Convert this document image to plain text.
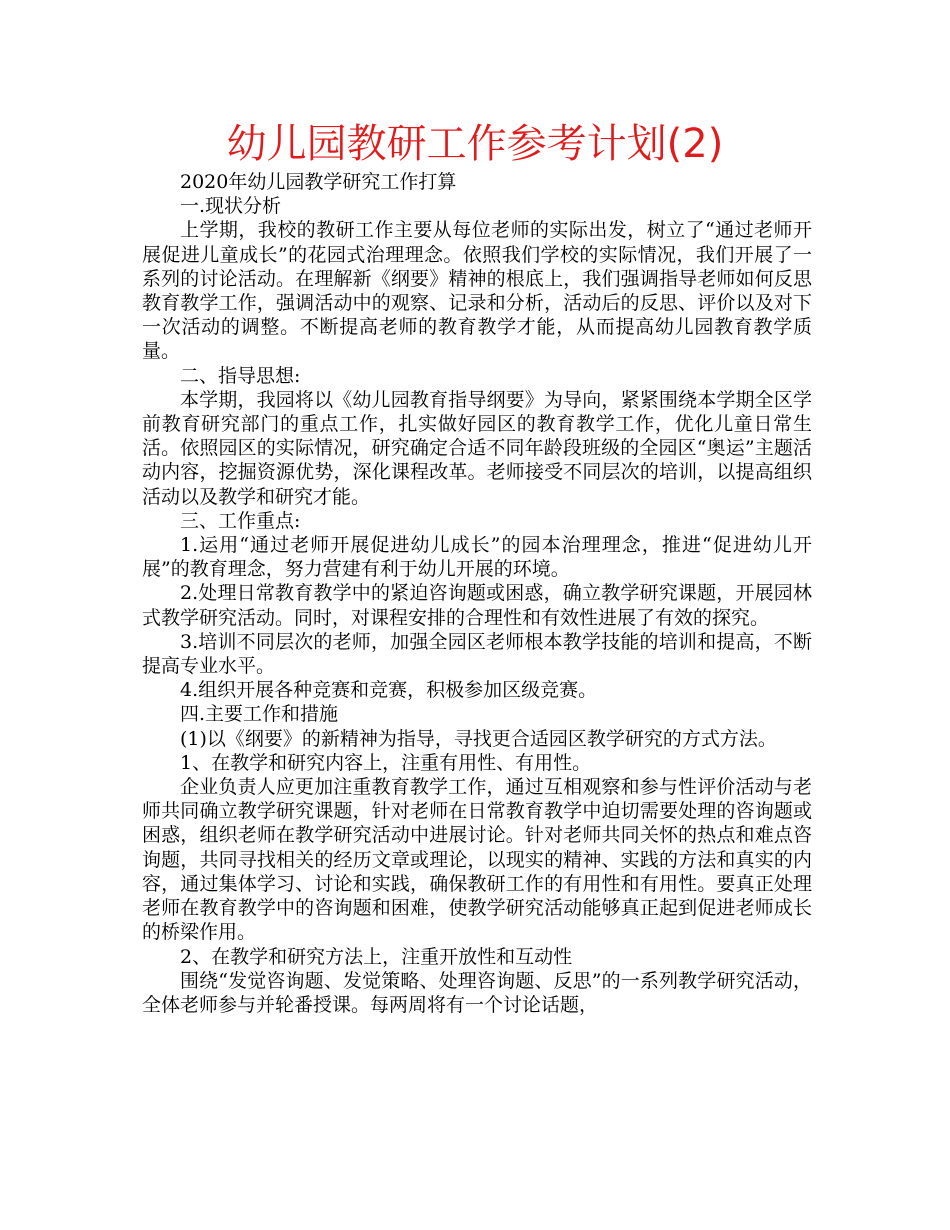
幼儿园教研工作参考计划(2)

2020年幼儿园教学研究工作打算

一.现状分析

上学期，我校的教研工作主要从每位老师的实际出发，树立了“通过老师开展促进儿童成长”的花园式治理理念。依照我们学校的实际情况，我们开展了一系列的讨论活动。在理解新《纲要》精神的根底上，我们强调指导老师如何反思教育教学工作，强调活动中的观察、记录和分析，活动后的反思、评价以及对下一次活动的调整。不断提高老师的教育教学才能，从而提高幼儿园教育教学质量。

二、指导思想:

本学期，我园将以《幼儿园教育指导纲要》为导向，紧紧围绕本学期全区学前教育研究部门的重点工作，扎实做好园区的教育教学工作，优化儿童日常生活。依照园区的实际情况，研究确定合适不同年龄段班级的全园区“奥运”主题活动内容，挖掘资源优势，深化课程改革。老师接受不同层次的培训，以提高组织活动以及教学和研究才能。

三、工作重点:

1.运用“通过老师开展促进幼儿成长”的园本治理理念，推进“促进幼儿开展”的教育理念，努力营建有利于幼儿开展的环境。

2.处理日常教育教学中的紧迫咨询题或困惑，确立教学研究课题，开展园林式教学研究活动。同时，对课程安排的合理性和有效性进展了有效的探究。

3.培训不同层次的老师，加强全园区老师根本教学技能的培训和提高，不断提高专业水平。

4.组织开展各种竞赛和竞赛，积极参加区级竞赛。

四.主要工作和措施

(1)以《纲要》的新精神为指导，寻找更合适园区教学研究的方式方法。

1、在教学和研究内容上，注重有用性、有用性。

企业负责人应更加注重教育教学工作，通过互相观察和参与性评价活动与老师共同确立教学研究课题，针对老师在日常教育教学中迫切需要处理的咨询题或困惑，组织老师在教学研究活动中进展讨论。针对老师共同关怀的热点和难点咨询题，共同寻找相关的经历文章或理论，以现实的精神、实践的方法和真实的内容，通过集体学习、讨论和实践，确保教研工作的有用性和有用性。要真正处理老师在教育教学中的咨询题和困难，使教学研究活动能够真正起到促进老师成长的桥梁作用。

2、在教学和研究方法上，注重开放性和互动性

围绕“发觉咨询题、发觉策略、处理咨询题、反思”的一系列教学研究活动，全体老师参与并轮番授课。每两周将有一个讨论话题，
